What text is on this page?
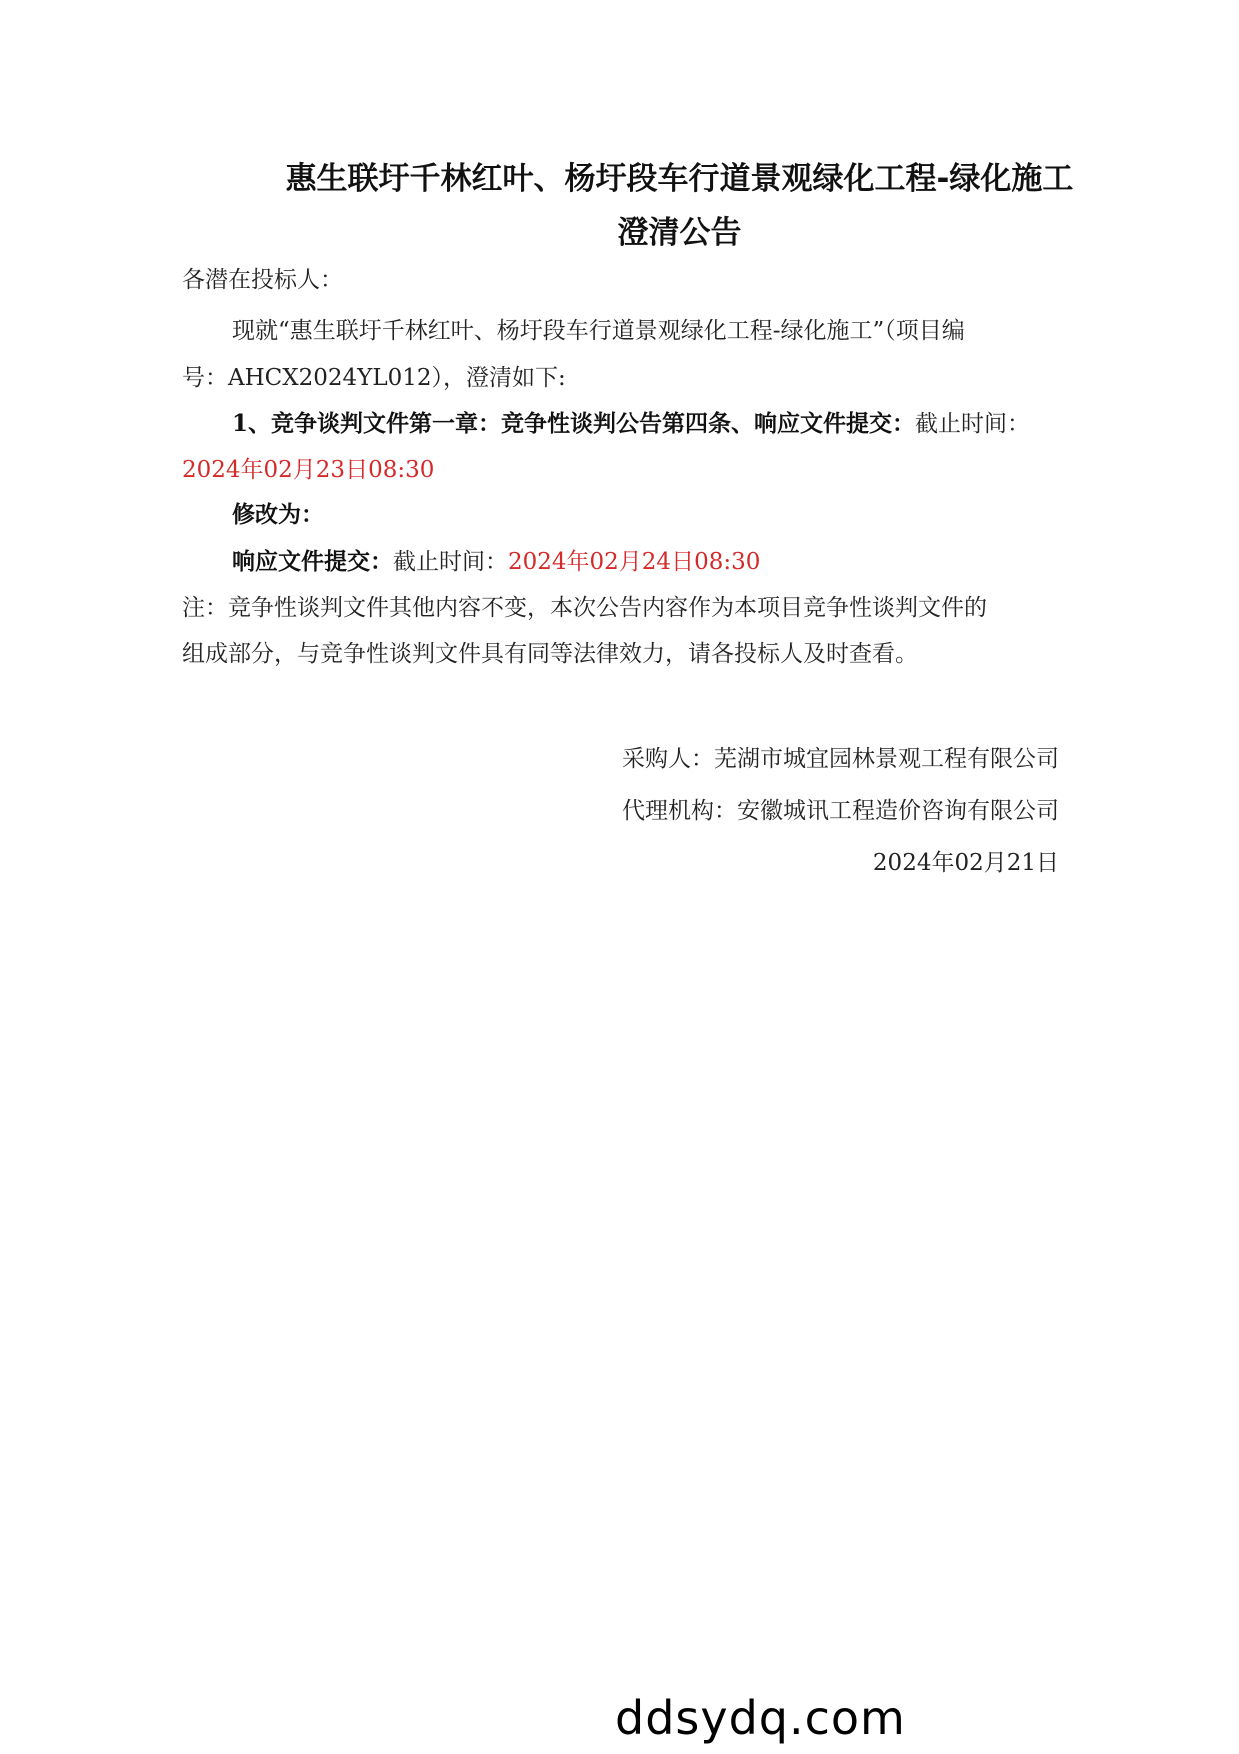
惠生联圩千林红叶、杨圩段车行道景观绿化工程-绿化施工
澄清公告
各潜在投标人：
现就“惠生联圩千林红叶、杨圩段车行道景观绿化工程-绿化施工”（项目编
号：AHCX2024YL012），澄清如下:
1、竞争谈判文件第一章：竞争性谈判公告第四条、响应文件提交：截止时间：
2024年02月23日08:30
修改为：
响应文件提交：截止时间：2024年02月24日08:30
注：竞争性谈判文件其他内容不变，本次公告内容作为本项目竞争性谈判文件的
组成部分，与竞争性谈判文件具有同等法律效力，请各投标人及时查看。
采购人：芜湖市城宜园林景观工程有限公司
代理机构：安徽城讯工程造价咨询有限公司
2024年02月21日
ddsydq.com
